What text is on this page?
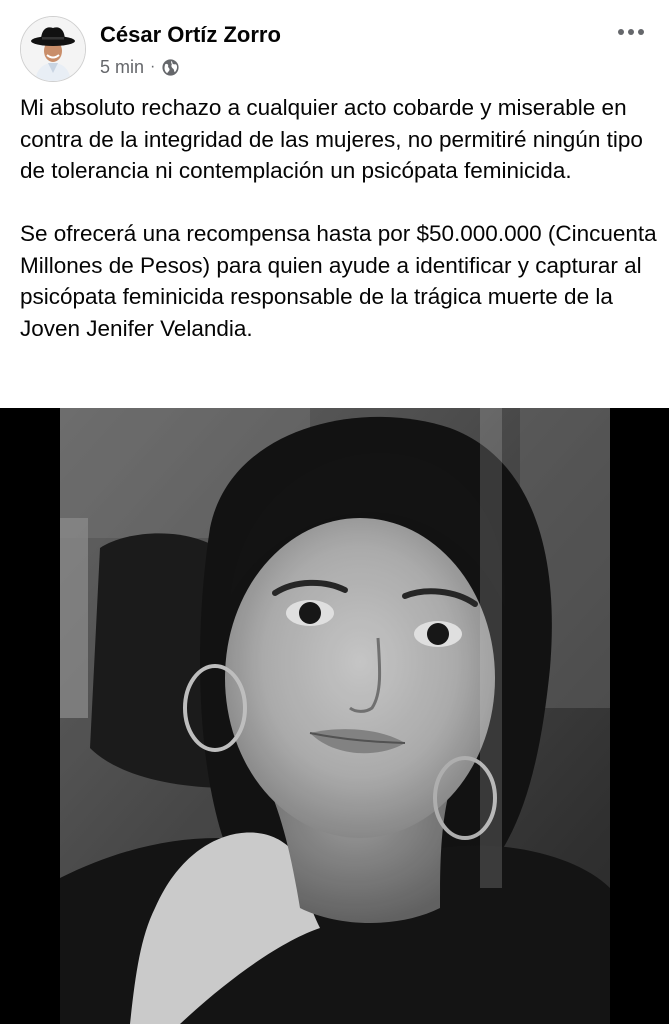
César Ortíz Zorro
5 min ·

Mi absoluto rechazo a cualquier acto cobarde y miserable en contra de la integridad de las mujeres, no permitiré ningún tipo de tolerancia ni contemplación un psicópata feminicida.

Se ofrecerá una recompensa hasta por $50.000.000 (Cincuenta Millones de Pesos) para quien ayude a identificar y capturar al psicópata feminicida responsable de la trágica muerte de la Joven Jenifer Velandia.
